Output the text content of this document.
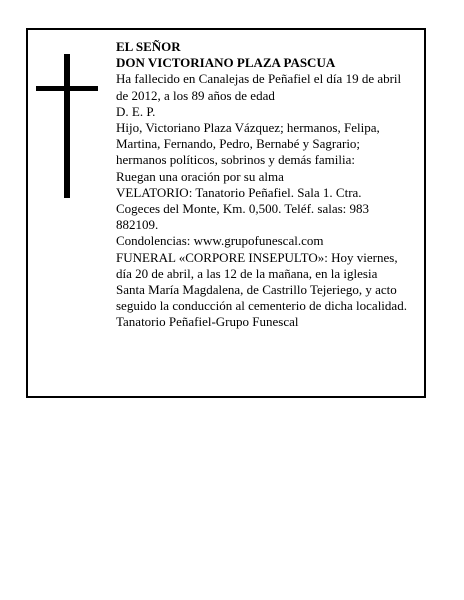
EL SEÑOR
DON VICTORIANO PLAZA PASCUA
Ha fallecido en Canalejas de Peñafiel el día 19 de abril
de 2012, a los 89 años de edad
D. E. P.
Hijo, Victoriano Plaza Vázquez; hermanos, Felipa,
Martina, Fernando, Pedro, Bernabé y Sagrario;
hermanos políticos, sobrinos y demás familia:
Ruegan una oración por su alma
VELATORIO: Tanatorio Peñafiel. Sala 1. Ctra.
Cogeces del Monte, Km. 0,500. Teléf. salas: 983
882109.
Condolencias: www.grupofunescal.com
FUNERAL «CORPORE INSEPULTO»: Hoy viernes,
día 20 de abril, a las 12 de la mañana, en la iglesia
Santa María Magdalena, de Castrillo Tejeriego, y acto
seguido la conducción al cementerio de dicha localidad.
Tanatorio Peñafiel-Grupo Funescal
